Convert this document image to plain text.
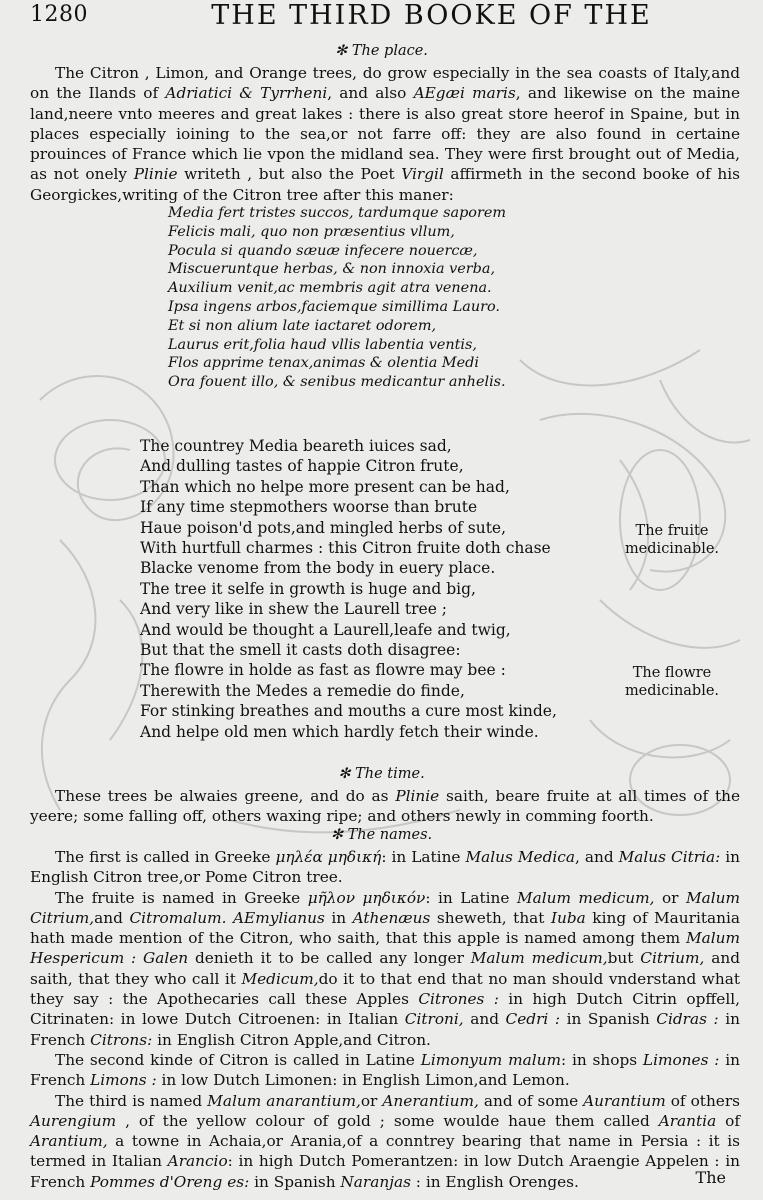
1280	THE THIRD BOOKE OF THE
✻ The place.

The Citron , Limon, and Orange trees, do grow especially in the sea coasts of Italy,and on the Ilands of Adriatici & Tyrrheni, and also AEgæi maris, and likewise on the maine land,neere vnto meeres and great lakes : there is also great store heerof in Spaine, but in places especially ioining to the sea,or not farre off: they are also found in certaine prouinces of France which lie vpon the midland sea. They were first brought out of Media, as not onely Plinie writeth , but also the Poet Virgil affirmeth in the second booke of his Georgickes,writing of the Citron tree after this maner:

Media fert tristes succos, tardumque saporem
Felicis mali, quo non præsentius vllum,
Pocula si quando sæuæ infecere nouercæ,
Miscueruntque herbas, & non innoxia verba,
Auxilium venit,ac membris agit atra venena.
Ipsa ingens arbos,faciemque simillima Lauro.
Et si non alium late iactaret odorem,
Laurus erit,folia haud vllis labentia ventis,
Flos apprime tenax,animas & olentia Medi
Ora fouent illo, & senibus medicantur anhelis.
The countrey Media beareth iuices sad,
And dulling tastes of happie Citron frute,
Than which no helpe more present can be had,
If any time stepmothers woorse than brute
Haue poison'd pots,and mingled herbs of sute,
With hurtfull charmes : this Citron fruite doth chase
Blacke venome from the body in euery place.
The tree it selfe in growth is huge and big,
And very like in shew the Laurell tree ;
And would be thought a Laurell,leafe and twig,
But that the smell it casts doth disagree:
The flowre in holde as fast as flowre may bee :
Therewith the Medes a remedie do finde,
For stinking breathes and mouths a cure most kinde,
And helpe old men which hardly fetch their winde.
The fruite
medicinable.
The flowre
medicinable.
✻ The time.

These trees be alwaies greene, and do as Plinie saith, beare fruite at all times of the yeere; some falling off, others waxing ripe; and others newly in comming foorth.

✻ The names.

The first is called in Greeke μηλέα μηδική: in Latine Malus Medica, and Malus Citria: in English Citron tree,or Pome Citron tree.

The fruite is named in Greeke μῆλον μηδικόν: in Latine Malum medicum, or Malum Citrium,and Citromalum. AEmylianus in Athenæus sheweth, that Iuba king of Mauritania hath made mention of the Citron, who saith, that this apple is named among them Malum Hespericum : Galen denieth it to be called any longer Malum medicum,but Citrium, and saith, that they who call it Medicum,do it to that end that no man should vnderstand what they say : the Apothecaries call these Apples Citrones : in high Dutch Citrin opffell, Citrinaten: in lowe Dutch Citroenen: in Italian Citroni, and Cedri : in Spanish Cidras : in French Citrons: in English Citron Apple,and Citron.

The second kinde of Citron is called in Latine Limonyum malum: in shops Limones : in French Limons : in low Dutch Limonen: in English Limon,and Lemon.

The third is named Malum anarantium,or Anerantium, and of some Aurantium of others Aurengium , of the yellow colour of gold ; some woulde haue them called Arantia of Arantium, a towne in Achaia,or Arania,of a conntrey bearing that name in Persia : it is termed in Italian Arancio: in high Dutch Pomerantzen: in low Dutch Araengie Appelen : in French Pommes d'Oreng es: in Spanish Naranjas : in English Orenges.	The
